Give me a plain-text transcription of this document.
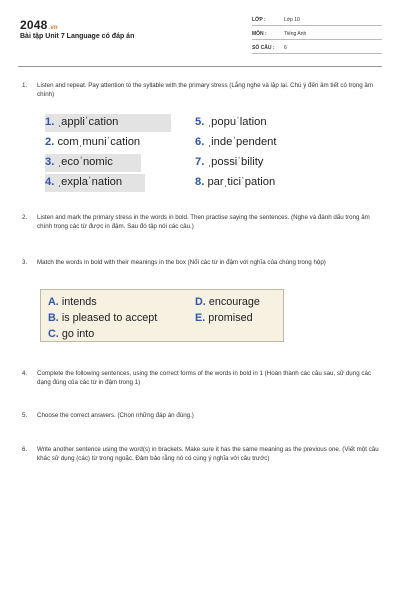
2048.vn
Bài tập Unit 7 Language có đáp án
LỚP :	Lớp 10
MÔN :	Tiếng Anh
SỐ CÂU : 6
1. Listen and repeat. Pay attention to the syllable with the primary stress (Lắng nghe và lặp lại. Chú ý đến âm tiết có trọng âm chính)
1. ˌappliˈcation
2. comˌmuniˈcation
3. ˌecoˈnomic
4. ˌexplaˈnation
5. ˌpopuˈlation
6. ˌindeˈpendent
7. ˌpossiˈbility
8. parˌticiˈpation
2. Listen and mark the primary stress in the words in bold. Then practise saying the sentences. (Nghe và đánh dấu trọng âm chính trong các từ được in đậm. Sau đó tập nói các câu.)
3. Match the words in bold with their meanings in the box (Nối các từ in đậm với nghĩa của chúng trong hộp)
A. intends
B. is pleased to accept
C. go into
D. encourage
E. promised
4. Complete the following sentences, using the correct forms of the words in bold in 1 (Hoàn thành các câu sau, sử dụng các dạng đúng của các từ in đậm trong 1)
5. Choose the correct answers. (Chọn những đáp án đúng.)
6. Write another sentence using the word(s) in brackets. Make sure it has the same meaning as the previous one. (Viết một câu khác sử dụng (các) từ trong ngoặc. Đảm bảo rằng nó có cùng ý nghĩa với câu trước)
